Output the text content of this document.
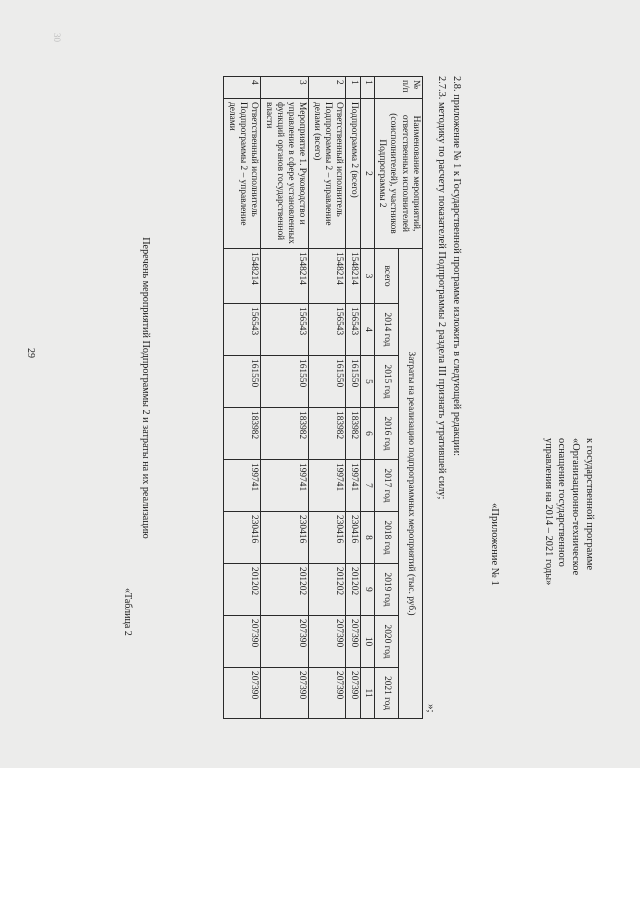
29
30
«Таблица 2
Перечень мероприятий Подпрограммы 2 и затраты на их реализацию
№ п/п	Наименование мероприятий, ответственных исполнителей (соисполнителей), участников Подпрограммы 2	Затраты на реализацию подпрограммных мероприятий (тыс. руб.)								
		всего	2014 год	2015 год	2016 год	2017 год	2018 год	2019 год	2020 год	2021 год
1	2	3	4	5	6	7	8	9	10	11
1	Подпрограмма 2 (всего)	1548214	156543	161550	183982	199741	230416	201202	207390	207390
2	Ответственный исполнитель Подпрограммы 2 – управление делами (всего)	1548214	156543	161550	183982	199741	230416	201202	207390	207390
3	Мероприятие 1. Руководство и управление в сфере установленных функций органов государственной власти	1548214	156543	161550	183982	199741	230416	201202	207390	207390
4	Ответственный исполнитель Подпрограммы 2 – управление делами	1548214	156543	161550	183982	199741	230416	201202	207390	207390
»;
2.7.3. методику по расчету показателей Подпрограммы 2 раздела III признать утратившей силу; 2.8. приложение № 1 к Государственной программе изложить в следующей редакции:
«Приложение № 1	к государственной программе
«Организационно-техническое
оснащение государственного
управления на 2014 – 2021 годы»
